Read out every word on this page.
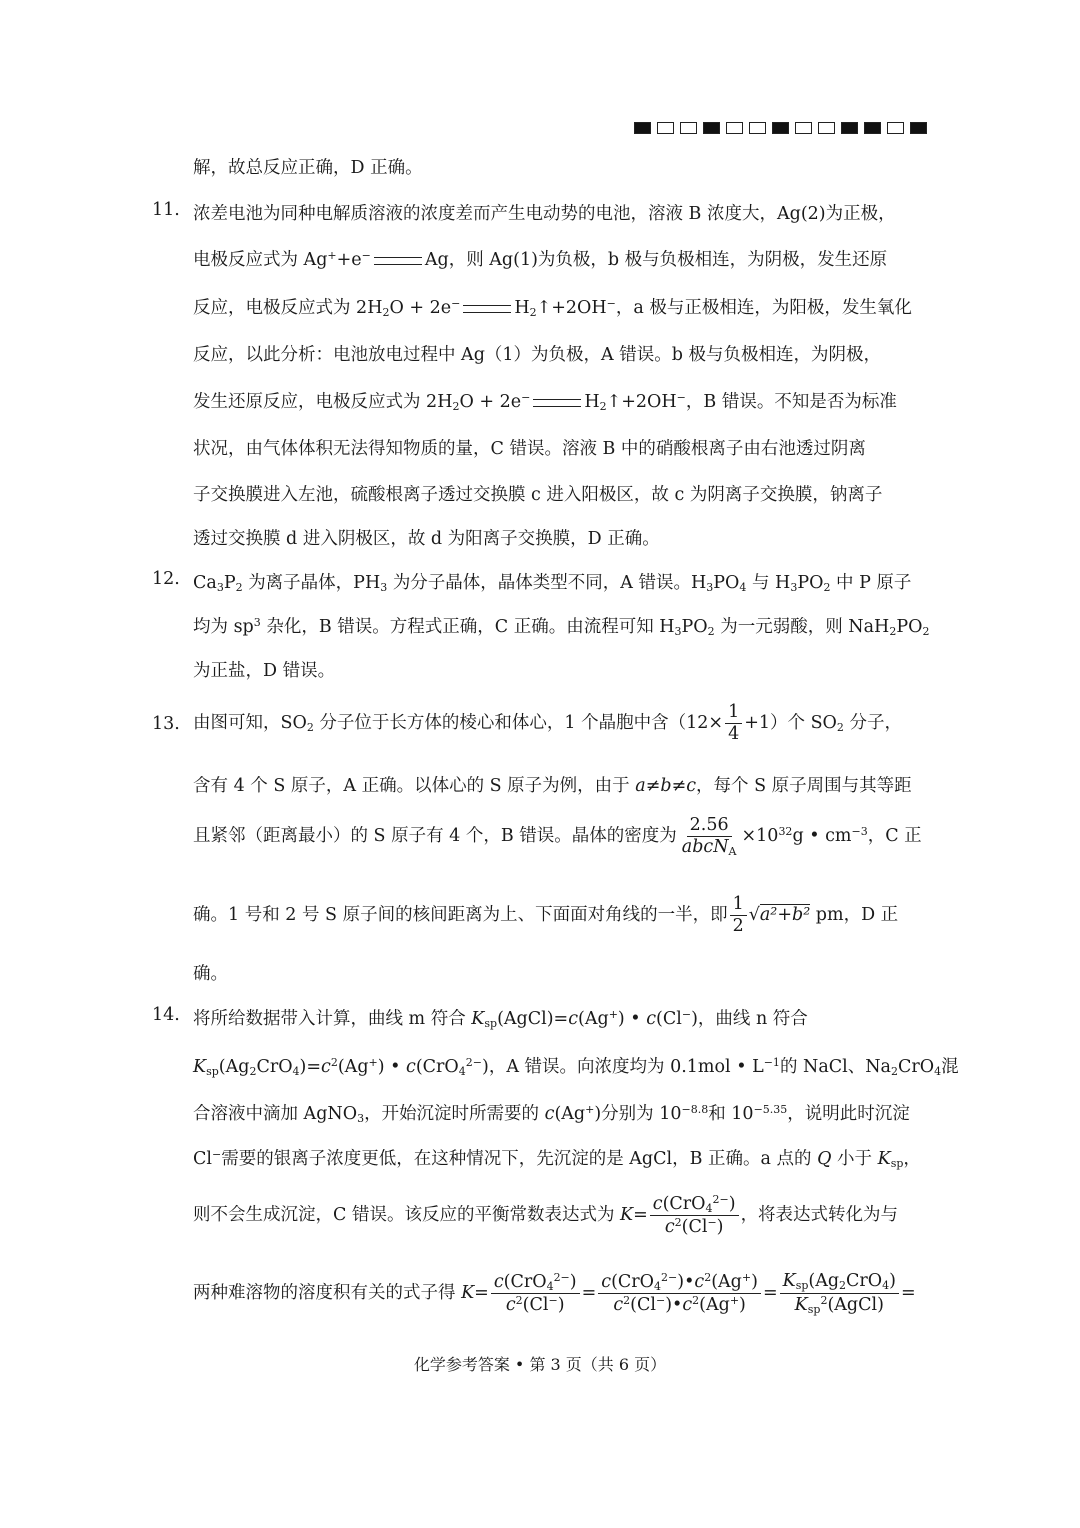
解，故总反应正确，D 正确。
11. 浓差电池为同种电解质溶液的浓度差而产生电动势的电池，溶液 B 浓度大，Ag(2)为正极，
电极反应式为 Ag++e−	Ag，则 Ag(1)为负极，b 极与负极相连，为阴极，发生还原
反应，电极反应式为 $2H_2O + 2e^-$	$H_2↑+2OH^-$，a 极与正极相连，为阳极，发生氧化
反应，以此分析：电池放电过程中 Ag（1）为负极，A 错误。b 极与负极相连，为阴极，
发生还原反应，电极反应式为 $2H_2O + 2e^-$	$H_2↑+2OH^-$，B 错误。不知是否为标准
状况，由气体体积无法得知物质的量，C 错误。溶液 B 中的硝酸根离子由右池透过阴离
子交换膜进入左池，硫酸根离子透过交换膜 c 进入阳极区，故 c 为阴离子交换膜，钠离子
透过交换膜 d 进入阴极区，故 d 为阳离子交换膜，D 正确。
12. $Ca_3P_2$ 为离子晶体，$PH_3$ 为分子晶体，晶体类型不同，A 错误。$H_3PO_4$ 与 $H_3PO_2$ 中 P 原子
均为 $sp^3$ 杂化，B 错误。方程式正确，C 正确。由流程可知 $H_3PO_2$ 为一元弱酸，则 $NaH_2PO_2$
为正盐，D 错误。
13. 由图可知，$SO_2$ 分子位于长方体的棱心和体心，1 个晶胞中含$(12\times \frac{1}{4} +1)$个 $SO_2$ 分子，
含有 4 个 S 原子，A 正确。以体心的 S 原子为例，由于 a≠b≠c，每个 S 原子周围与其等距
且紧邻（距离最小）的 S 原子有 4 个，B 错误。晶体的密度为 $\frac{2.56}{abcN_A} \times 10^{32}g$ • $cm^{-3}$，C 正
确。1 号和 2 号 S 原子间的核间距离为上、下面面对角线的一半，即 $\frac{1}{2} √a^2+b^2$ pm，D 正
确。
14. 将所给数据带入计算，曲线 m 符合 $K_{sp}(AgCl)=c(Ag^+)$ • c(Cl−)，曲线 n 符合
$K_{sp}(Ag_2CrO_4)=c^2(Ag^+)$ • c(CrO$_4^{2-}$)，A 错误。向浓度均为 0.1mol • $L^{-1}$的 NaCl、$Na_2CrO_4$混
合溶液中滴加 AgNO$_3$，开始沉淀时所需要的 c(Ag+)分别为 $10^{-8.8}$和 $10^{-5.35}$，说明此时沉淀
Cl−需要的银离子浓度更低，在这种情况下，先沉淀的是 AgCl，B 正确。a 点的 Q 小于 $K_{sp}$，
则不会生成沉淀，C 错误。该反应的平衡常数表达式为 $K= \frac{c(CrO_4^{2-})}{c^2(Cl^-)}$ ，将表达式转化为与
两种难溶物的溶度积有关的式子得 $K= \frac{c(CrO_4^{2-})}{c^2(Cl^-)} = \frac{c(CrO_4^{2-})•c^2(Ag^+)}{c^2(Cl^-)•c^2(Ag^+)} = \frac{K_{sp}(Ag_2CrO_4)}{K_{sp}^2(AgCl)}$ =
化学参考答案 • 第 3 页（共 6 页）
